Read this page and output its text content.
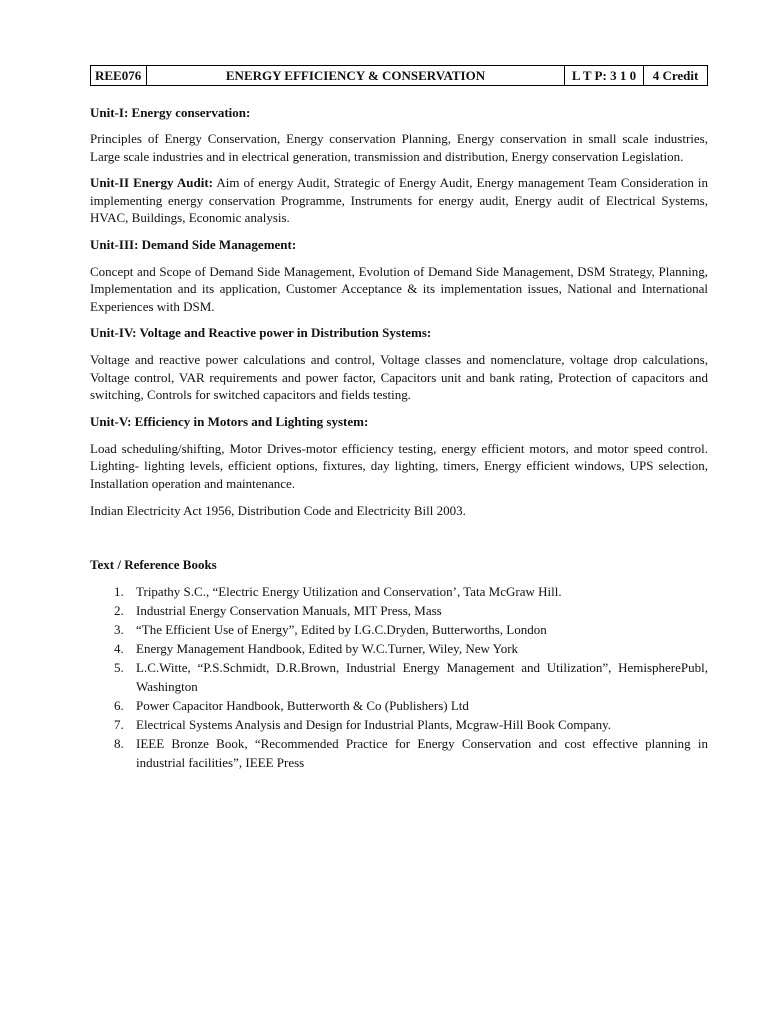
REE076	ENERGY EFFICIENCY & CONSERVATION	L T P: 3 1 0	4 Credit
Unit-I: Energy conservation:

Principles of Energy Conservation, Energy conservation Planning, Energy conservation in small scale industries, Large scale industries and in electrical generation, transmission and distribution, Energy conservation Legislation.

Unit-II Energy Audit: Aim of energy Audit, Strategic of Energy Audit, Energy management Team Consideration in implementing energy conservation Programme, Instruments for energy audit, Energy audit of Electrical Systems, HVAC, Buildings, Economic analysis.

Unit-III: Demand Side Management:

Concept and Scope of Demand Side Management, Evolution of Demand Side Management, DSM Strategy, Planning, Implementation and its application, Customer Acceptance & its implementation issues, National and International Experiences with DSM.

Unit-IV: Voltage and Reactive power in Distribution Systems:

Voltage and reactive power calculations and control, Voltage classes and nomenclature, voltage drop calculations, Voltage control, VAR requirements and power factor, Capacitors unit and bank rating, Protection of capacitors and switching, Controls for switched capacitors and fields testing.

Unit-V: Efficiency in Motors and Lighting system:

Load scheduling/shifting, Motor Drives-motor efficiency testing, energy efficient motors, and motor speed control. Lighting- lighting levels, efficient options, fixtures, day lighting, timers, Energy efficient windows, UPS selection, Installation operation and maintenance.

Indian Electricity Act 1956, Distribution Code and Electricity Bill 2003.

Text / Reference Books
1. Tripathy S.C., “Electric Energy Utilization and Conservation’, Tata McGraw Hill.
2. Industrial Energy Conservation Manuals, MIT Press, Mass
3. “The Efficient Use of Energy”, Edited by I.G.C.Dryden, Butterworths, London
4. Energy Management Handbook, Edited by W.C.Turner, Wiley, New York
5. L.C.Witte, “P.S.Schmidt, D.R.Brown, Industrial Energy Management and Utilization”, HemispherePubl, Washington
6. Power Capacitor Handbook, Butterworth & Co (Publishers) Ltd
7. Electrical Systems Analysis and Design for Industrial Plants, Mcgraw-Hill Book Company.
8. IEEE Bronze Book, “Recommended Practice for Energy Conservation and cost effective planning in industrial facilities”, IEEE Press
